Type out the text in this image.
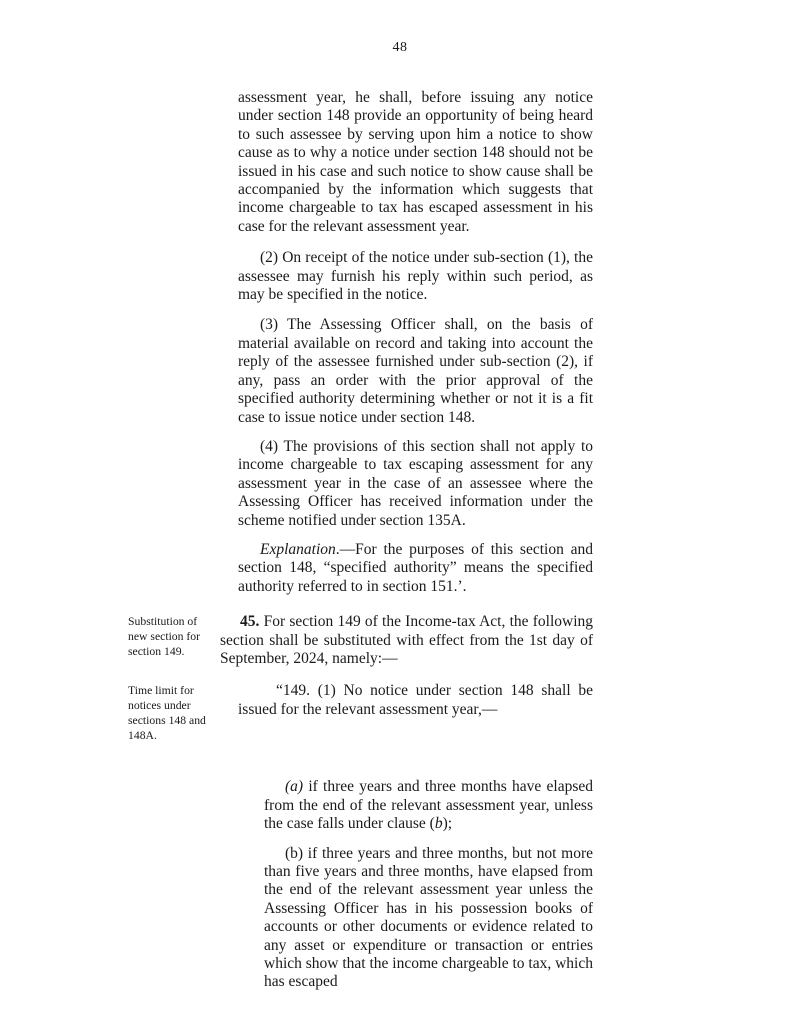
48

assessment year, he shall, before issuing any notice under section 148 provide an opportunity of being heard to such assessee by serving upon him a notice to show cause as to why a notice under section 148 should not be issued in his case and such notice to show cause shall be accompanied by the information which suggests that income chargeable to tax has escaped assessment in his case for the relevant assessment year.

(2) On receipt of the notice under sub-section (1), the assessee may furnish his reply within such period, as may be specified in the notice.

(3) The Assessing Officer shall, on the basis of material available on record and taking into account the reply of the assessee furnished under sub-section (2), if any, pass an order with the prior approval of the specified authority determining whether or not it is a fit case to issue notice under section 148.

(4) The provisions of this section shall not apply to income chargeable to tax escaping assessment for any assessment year in the case of an assessee where the Assessing Officer has received information under the scheme notified under section 135A.

Explanation.—For the purposes of this section and section 148, “specified authority” means the specified authority referred to in section 151.’.

Substitution of new section for section 149.

45. For section 149 of the Income-tax Act, the following section shall be substituted with effect from the 1st day of September, 2024, namely:—

Time limit for notices under sections 148 and 148A.

“149. (1) No notice under section 148 shall be issued for the relevant assessment year,—

(a) if three years and three months have elapsed from the end of the relevant assessment year, unless the case falls under clause (b);

(b) if three years and three months, but not more than five years and three months, have elapsed from the end of the relevant assessment year unless the Assessing Officer has in his possession books of accounts or other documents or evidence related to any asset or expenditure or transaction or entries which show that the income chargeable to tax, which has escaped
